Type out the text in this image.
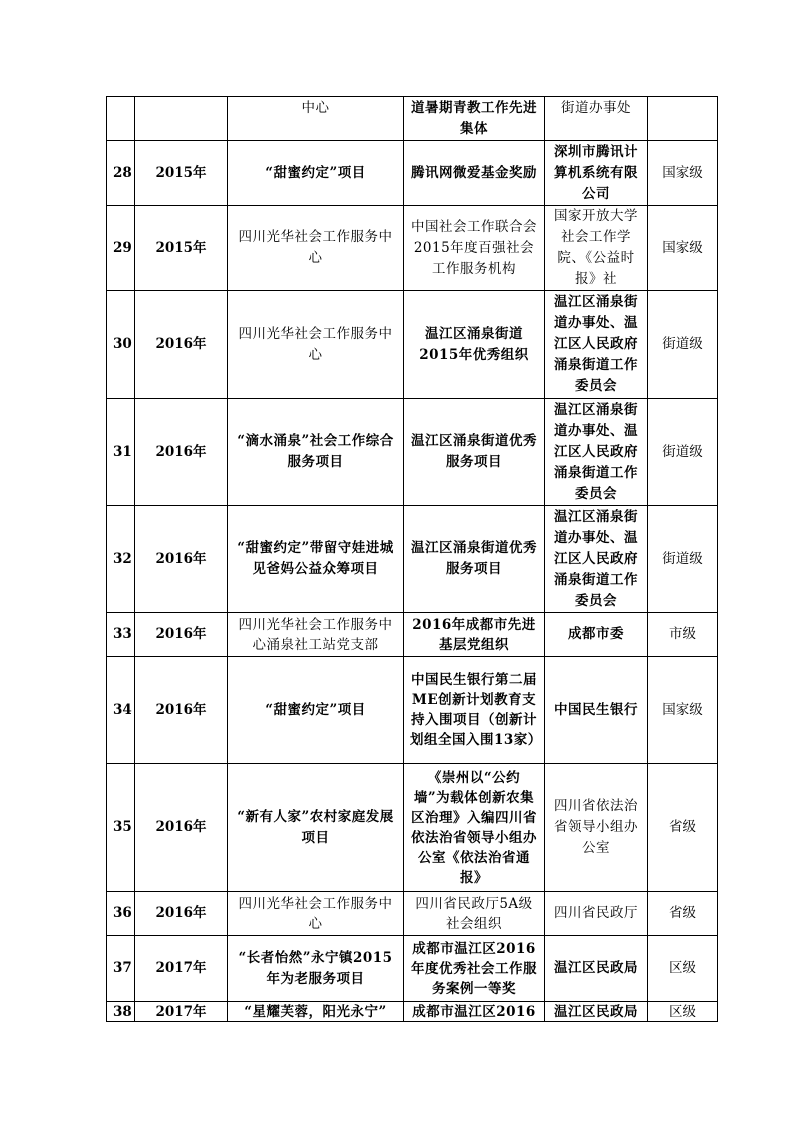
		中心	道暑期青教工作先进集体	街道办事处	
28	2015年	“甜蜜约定”项目	腾讯网微爱基金奖励	深圳市腾讯计算机系统有限公司	国家级
29	2015年	四川光华社会工作服务中心	中国社会工作联合会2015年度百强社会工作服务机构	国家开放大学社会工作学院、《公益时报》社	国家级
30	2016年	四川光华社会工作服务中心	温江区涌泉街道2015年优秀组织	温江区涌泉街道办事处、温江区人民政府涌泉街道工作委员会	街道级
31	2016年	“滴水涌泉”社会工作综合服务项目	温江区涌泉街道优秀服务项目	温江区涌泉街道办事处、温江区人民政府涌泉街道工作委员会	街道级
32	2016年	“甜蜜约定”带留守娃进城见爸妈公益众筹项目	温江区涌泉街道优秀服务项目	温江区涌泉街道办事处、温江区人民政府涌泉街道工作委员会	街道级
33	2016年	四川光华社会工作服务中心涌泉社工站党支部	2016年成都市先进基层党组织	成都市委	市级
34	2016年	“甜蜜约定”项目	中国民生银行第二届ME创新计划教育支持入围项目（创新计划组全国入围13家）	中国民生银行	国家级
35	2016年	“新有人家”农村家庭发展项目	《崇州以“公约墙”为载体创新农集区治理》入编四川省依法治省领导小组办公室《依法治省通报》	四川省依法治省领导小组办公室	省级
36	2016年	四川光华社会工作服务中心	四川省民政厅5A级社会组织	四川省民政厅	省级
37	2017年	“长者怡然”永宁镇2015年为老服务项目	成都市温江区2016年度优秀社会工作服务案例一等奖	温江区民政局	区级
38	2017年	“星耀芙蓉，阳光永宁”	成都市温江区2016	温江区民政局	区级
